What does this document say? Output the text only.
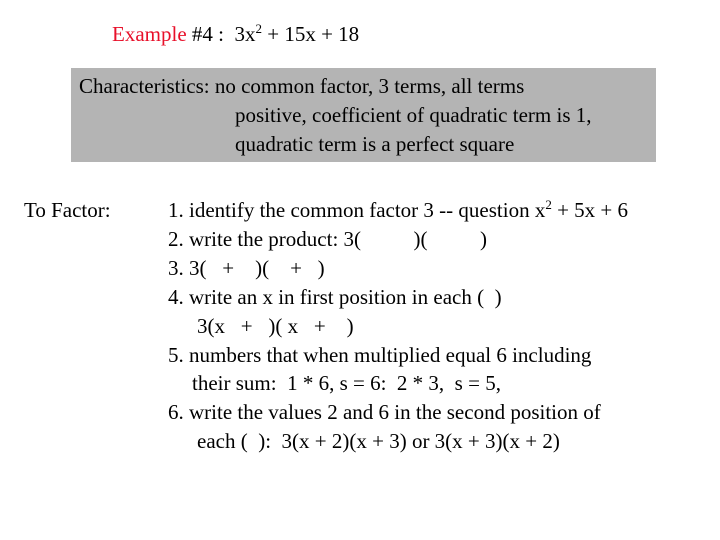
Example #4 : $3x^2 + 15x + 18$
Characteristics: no common factor, 3 terms, all terms
positive, coefficient of quadratic term is 1,
quadratic term is a perfect square
To Factor:	1. identify the common factor 3 -- question $x^2 + 5x + 6$
2. write the product: 3(          )(          )
3. 3(   +    )(    +   )
4. write an x in first position in each (  )
3(x   +   )( x   +    )
5. numbers that when multiplied equal 6 including
their sum:  1 * 6, s = 6:  2 * 3,  s = 5,
6. write the values 2 and 6 in the second position of
each (  ):  3(x + 2)(x + 3) or 3(x + 3)(x + 2)
